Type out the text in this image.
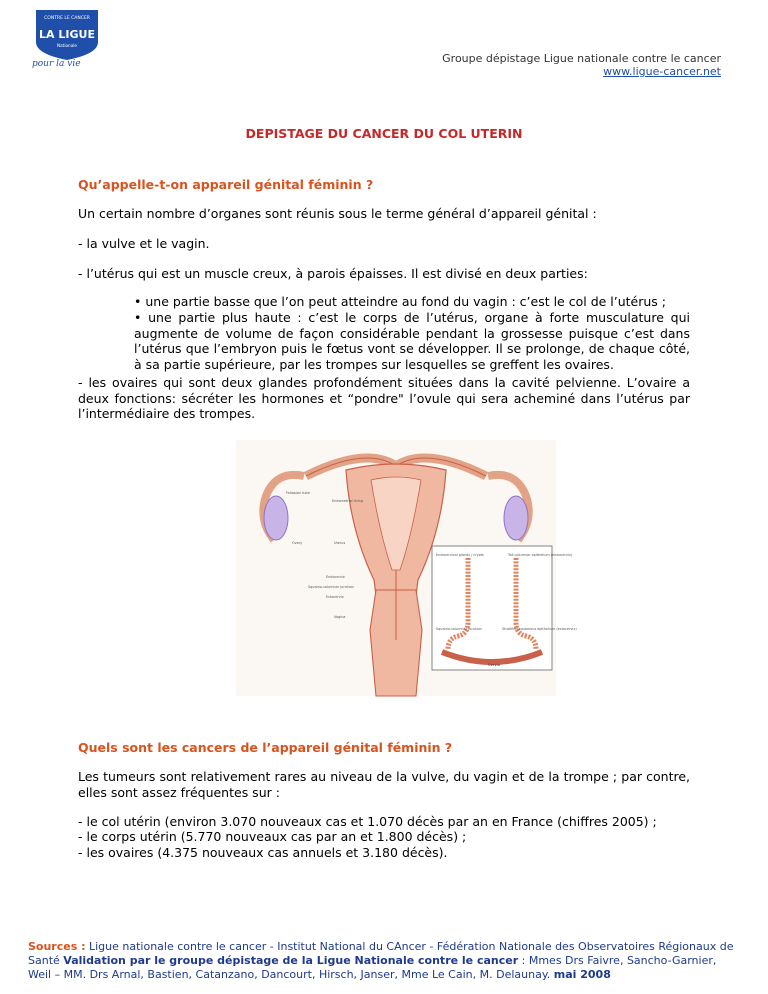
CONTRE LE CANCER
LA LIGUE
Nationale
pour la vie	Groupe dépistage Ligue nationale contre le cancer
www.ligue-cancer.net
DEPISTAGE DU CANCER DU COL UTERIN
Qu’appelle-t-on appareil génital féminin ?
Un certain nombre d’organes sont réunis sous le terme général d’appareil génital :
- la vulve et le vagin.
- l’utérus qui est un muscle creux, à parois épaisses. Il est divisé en deux parties:
• une partie basse que l’on peut atteindre au fond du vagin : c’est le col de l’utérus ;
• une partie plus haute : c’est le corps de l’utérus, organe à forte musculature qui augmente de volume de façon considérable pendant la grossesse puisque c’est dans l’utérus que l’embryon puis le fœtus vont se développer. Il se prolonge, de chaque côté, à sa partie supérieure, par les trompes sur lesquelles se greffent les ovaires.
- les ovaires qui sont deux glandes profondément situées dans la cavité pelvienne. L’ovaire a deux fonctions: sécréter les hormones et “pondre" l’ovule qui sera acheminé dans l’utérus par l’intermédiaire des trompes.
Fallopian tube
Endometrial lining
Ovary	Uterus
Endocervix
Squamo-columnar junction
Ectocervix
Vagina
Endocervical glands / crypts	Tall columnar epithelium (endocervix)
Squamo-columnar junction	Stratified squamous epithelium (ectocervix)
Cervix
Quels sont les cancers de l’appareil génital féminin ?
Les tumeurs sont relativement rares au niveau de la vulve, du vagin et de la trompe ; par contre, elles sont assez fréquentes sur :
- le col utérin (environ 3.070 nouveaux cas et 1.070 décès par an en France (chiffres 2005) ;
- le corps utérin (5.770 nouveaux cas par an et 1.800 décès) ;
- les ovaires (4.375 nouveaux cas annuels et 3.180 décès).
Sources : Ligue nationale contre le cancer - Institut National du CAncer - Fédération Nationale des Observatoires Régionaux de Santé Validation par le groupe dépistage de la Ligue Nationale contre le cancer : Mmes Drs Faivre, Sancho-Garnier, Weil – MM. Drs Arnal, Bastien, Catanzano, Dancourt, Hirsch, Janser, Mme Le Cain, M. Delaunay. mai 2008
